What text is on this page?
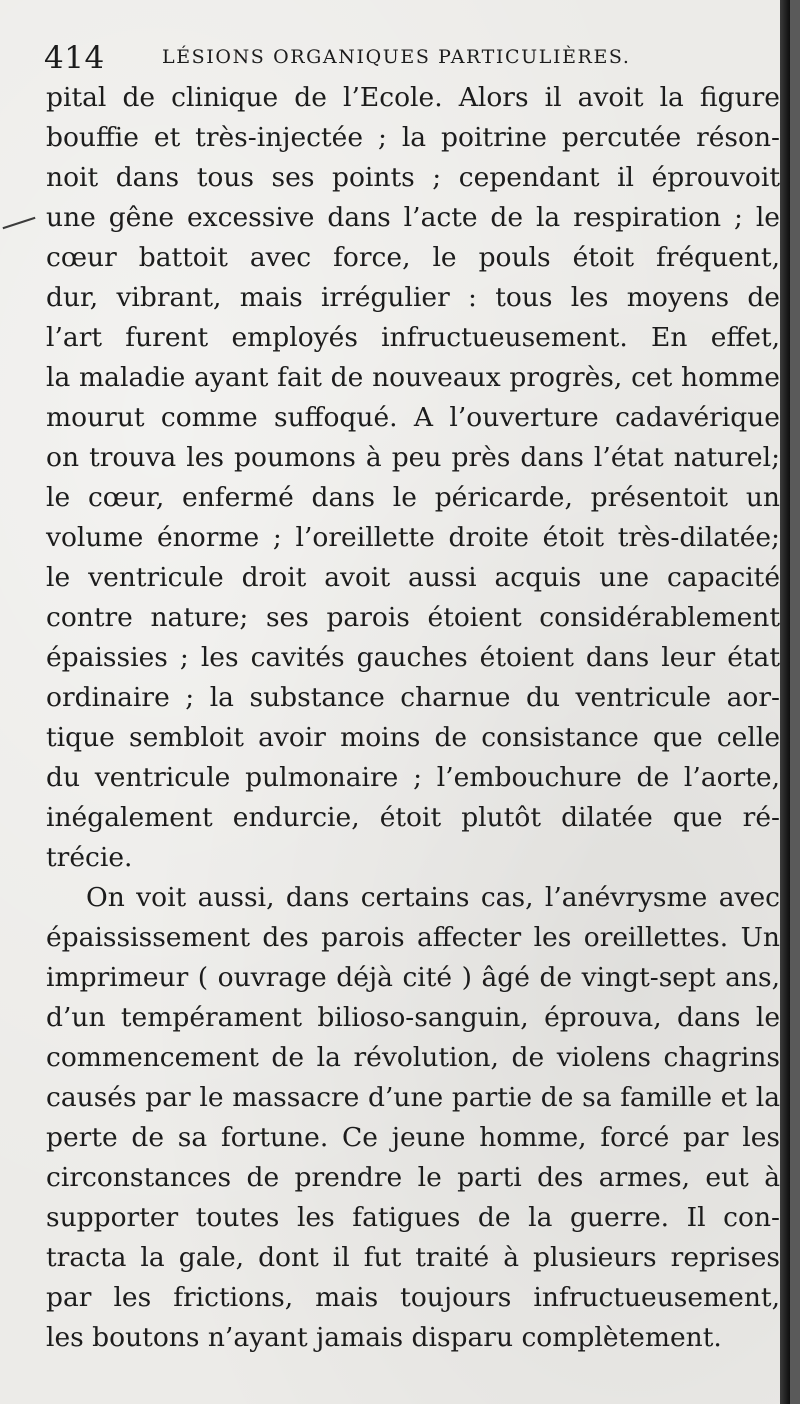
414	LÉSIONS ORGANIQUES PARTICULIÈRES.
pital de clinique de l’Ecole. Alors il avoit la figure
bouffie et très-injectée ; la poitrine percutée réson-
noit dans tous ses points ; cependant il éprouvoit
une gêne excessive dans l’acte de la respiration ; le
cœur battoit avec force, le pouls étoit fréquent,
dur, vibrant, mais irrégulier : tous les moyens de
l’art furent employés infructueusement. En effet,
la maladie ayant fait de nouveaux progrès, cet homme
mourut comme suffoqué. A l’ouverture cadavérique
on trouva les poumons à peu près dans l’état naturel;
le cœur, enfermé dans le péricarde, présentoit un
volume énorme ; l’oreillette droite étoit très-dilatée;
le ventricule droit avoit aussi acquis une capacité
contre nature; ses parois étoient considérablement
épaissies ; les cavités gauches étoient dans leur état
ordinaire ; la substance charnue du ventricule aor-
tique sembloit avoir moins de consistance que celle
du ventricule pulmonaire ; l’embouchure de l’aorte,
inégalement endurcie, étoit plutôt dilatée que ré-
trécie.
On voit aussi, dans certains cas, l’anévrysme avec
épaississement des parois affecter les oreillettes. Un
imprimeur ( ouvrage déjà cité ) âgé de vingt-sept ans,
d’un tempérament bilioso-sanguin, éprouva, dans le
commencement de la révolution, de violens chagrins
causés par le massacre d’une partie de sa famille et la
perte de sa fortune. Ce jeune homme, forcé par les
circonstances de prendre le parti des armes, eut à
supporter toutes les fatigues de la guerre. Il con-
tracta la gale, dont il fut traité à plusieurs reprises
par les frictions, mais toujours infructueusement,
les boutons n’ayant jamais disparu complètement.
